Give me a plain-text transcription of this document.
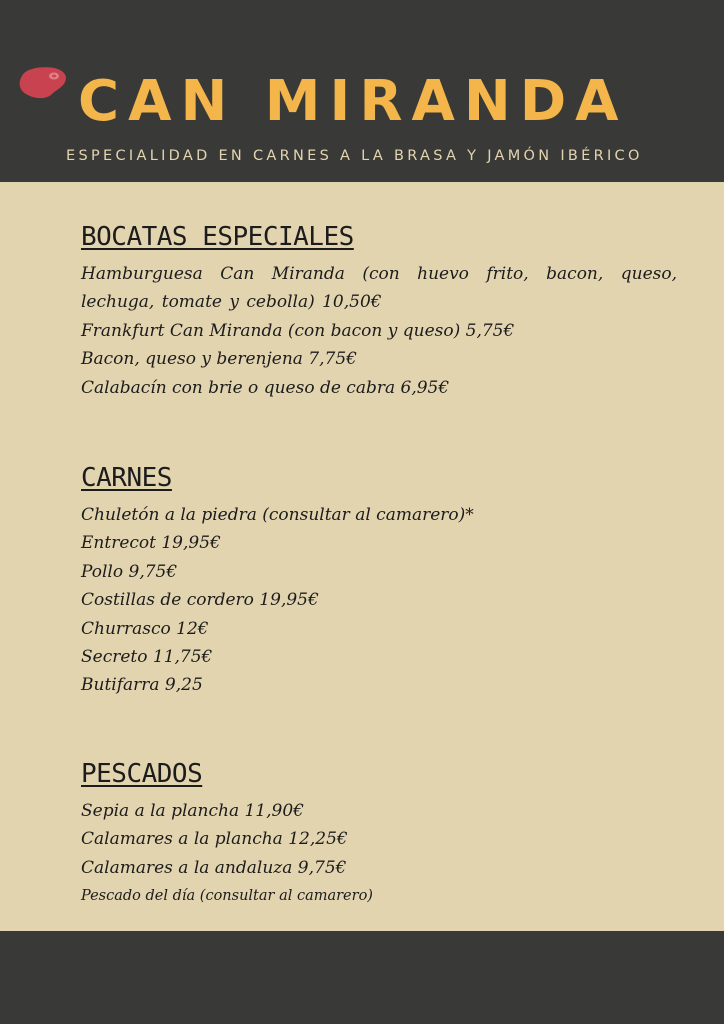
CAN MIRANDA
ESPECIALIDAD EN CARNES A LA BRASA Y JAMÓN IBÉRICO
BOCATAS ESPECIALES
Hamburguesa Can Miranda (con huevo frito, bacon, queso, lechuga, tomate y cebolla) 10,50€
Frankfurt Can Miranda (con bacon y queso) 5,75€
Bacon, queso y berenjena 7,75€
Calabacín con brie o queso de cabra 6,95€
CARNES
Chuletón a la piedra (consultar al camarero)*
Entrecot 19,95€
Pollo 9,75€
Costillas de cordero 19,95€
Churrasco 12€
Secreto 11,75€
Butifarra 9,25
PESCADOS
Sepia a la plancha 11,90€
Calamares a la plancha 12,25€
Calamares a la andaluza 9,75€
Pescado del día (consultar al camarero)
